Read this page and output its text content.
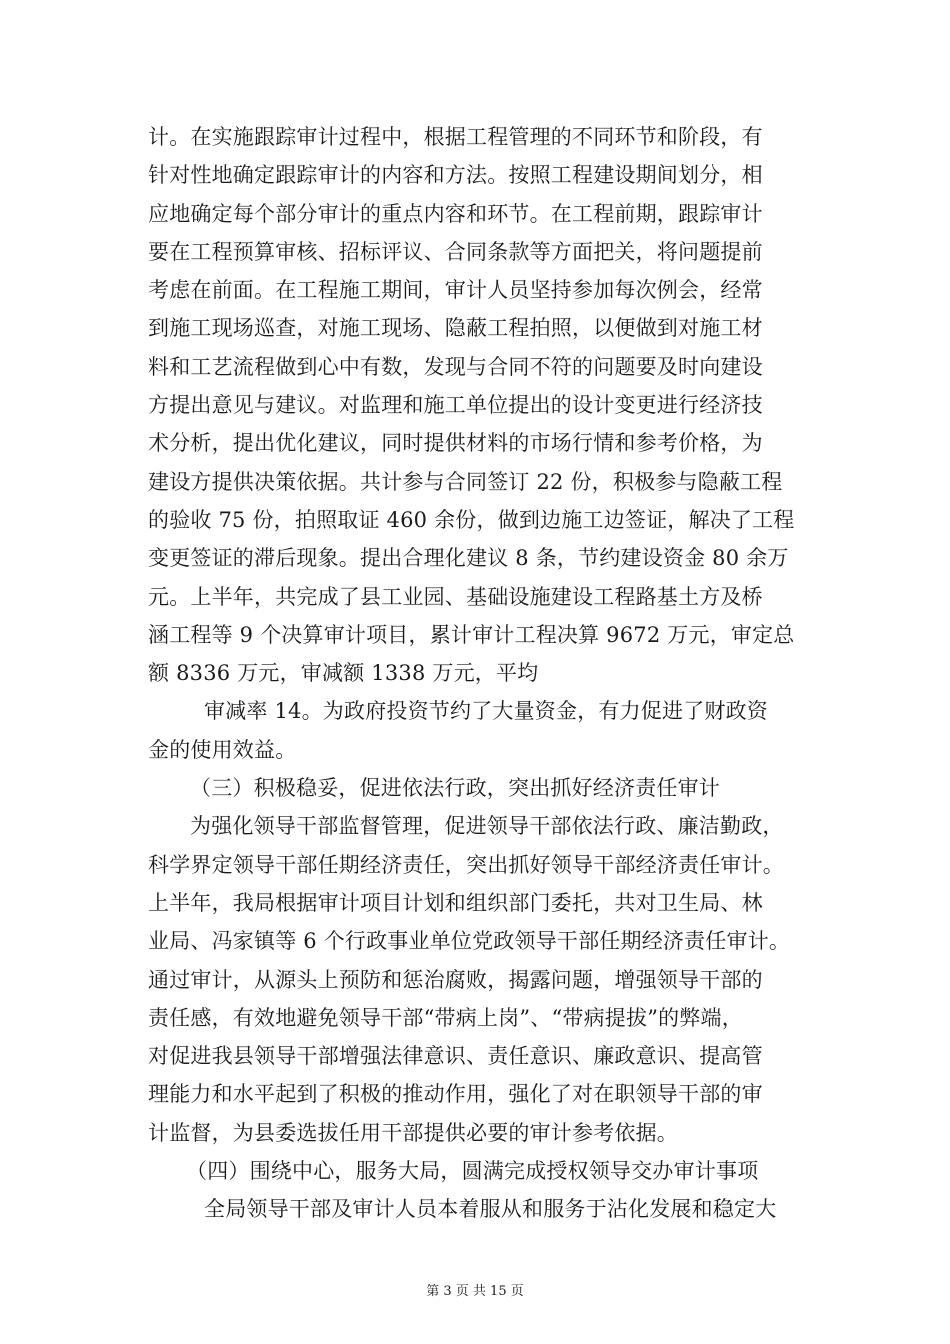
计。在实施跟踪审计过程中，根据工程管理的不同环节和阶段，有
针对性地确定跟踪审计的内容和方法。按照工程建设期间划分，相
应地确定每个部分审计的重点内容和环节。在工程前期，跟踪审计
要在工程预算审核、招标评议、合同条款等方面把关，将问题提前
考虑在前面。在工程施工期间，审计人员坚持参加每次例会，经常
到施工现场巡查，对施工现场、隐蔽工程拍照，以便做到对施工材
料和工艺流程做到心中有数，发现与合同不符的问题要及时向建设
方提出意见与建议。对监理和施工单位提出的设计变更进行经济技
术分析，提出优化建议，同时提供材料的市场行情和参考价格，为
建设方提供决策依据。共计参与合同签订 22 份，积极参与隐蔽工程
的验收 75 份，拍照取证 460 余份，做到边施工边签证，解决了工程
变更签证的滞后现象。提出合理化建议 8 条，节约建设资金 80 余万
元。上半年，共完成了县工业园、基础设施建设工程路基土方及桥
涵工程等 9 个决算审计项目，累计审计工程决算 9672 万元，审定总
额 8336 万元，审减额 1338 万元，平均
审减率 14。为政府投资节约了大量资金，有力促进了财政资
金的使用效益。
（三）积极稳妥，促进依法行政，突出抓好经济责任审计
为强化领导干部监督管理，促进领导干部依法行政、廉洁勤政，
科学界定领导干部任期经济责任，突出抓好领导干部经济责任审计。
上半年，我局根据审计项目计划和组织部门委托，共对卫生局、林
业局、冯家镇等 6 个行政事业单位党政领导干部任期经济责任审计。
通过审计，从源头上预防和惩治腐败，揭露问题，增强领导干部的
责任感，有效地避免领导干部“带病上岗”、“带病提拔”的弊端，
对促进我县领导干部增强法律意识、责任意识、廉政意识、提高管
理能力和水平起到了积极的推动作用，强化了对在职领导干部的审
计监督，为县委选拔任用干部提供必要的审计参考依据。
（四）围绕中心，服务大局，圆满完成授权领导交办审计事项
全局领导干部及审计人员本着服从和服务于沾化发展和稳定大
第 3 页 共 15 页
